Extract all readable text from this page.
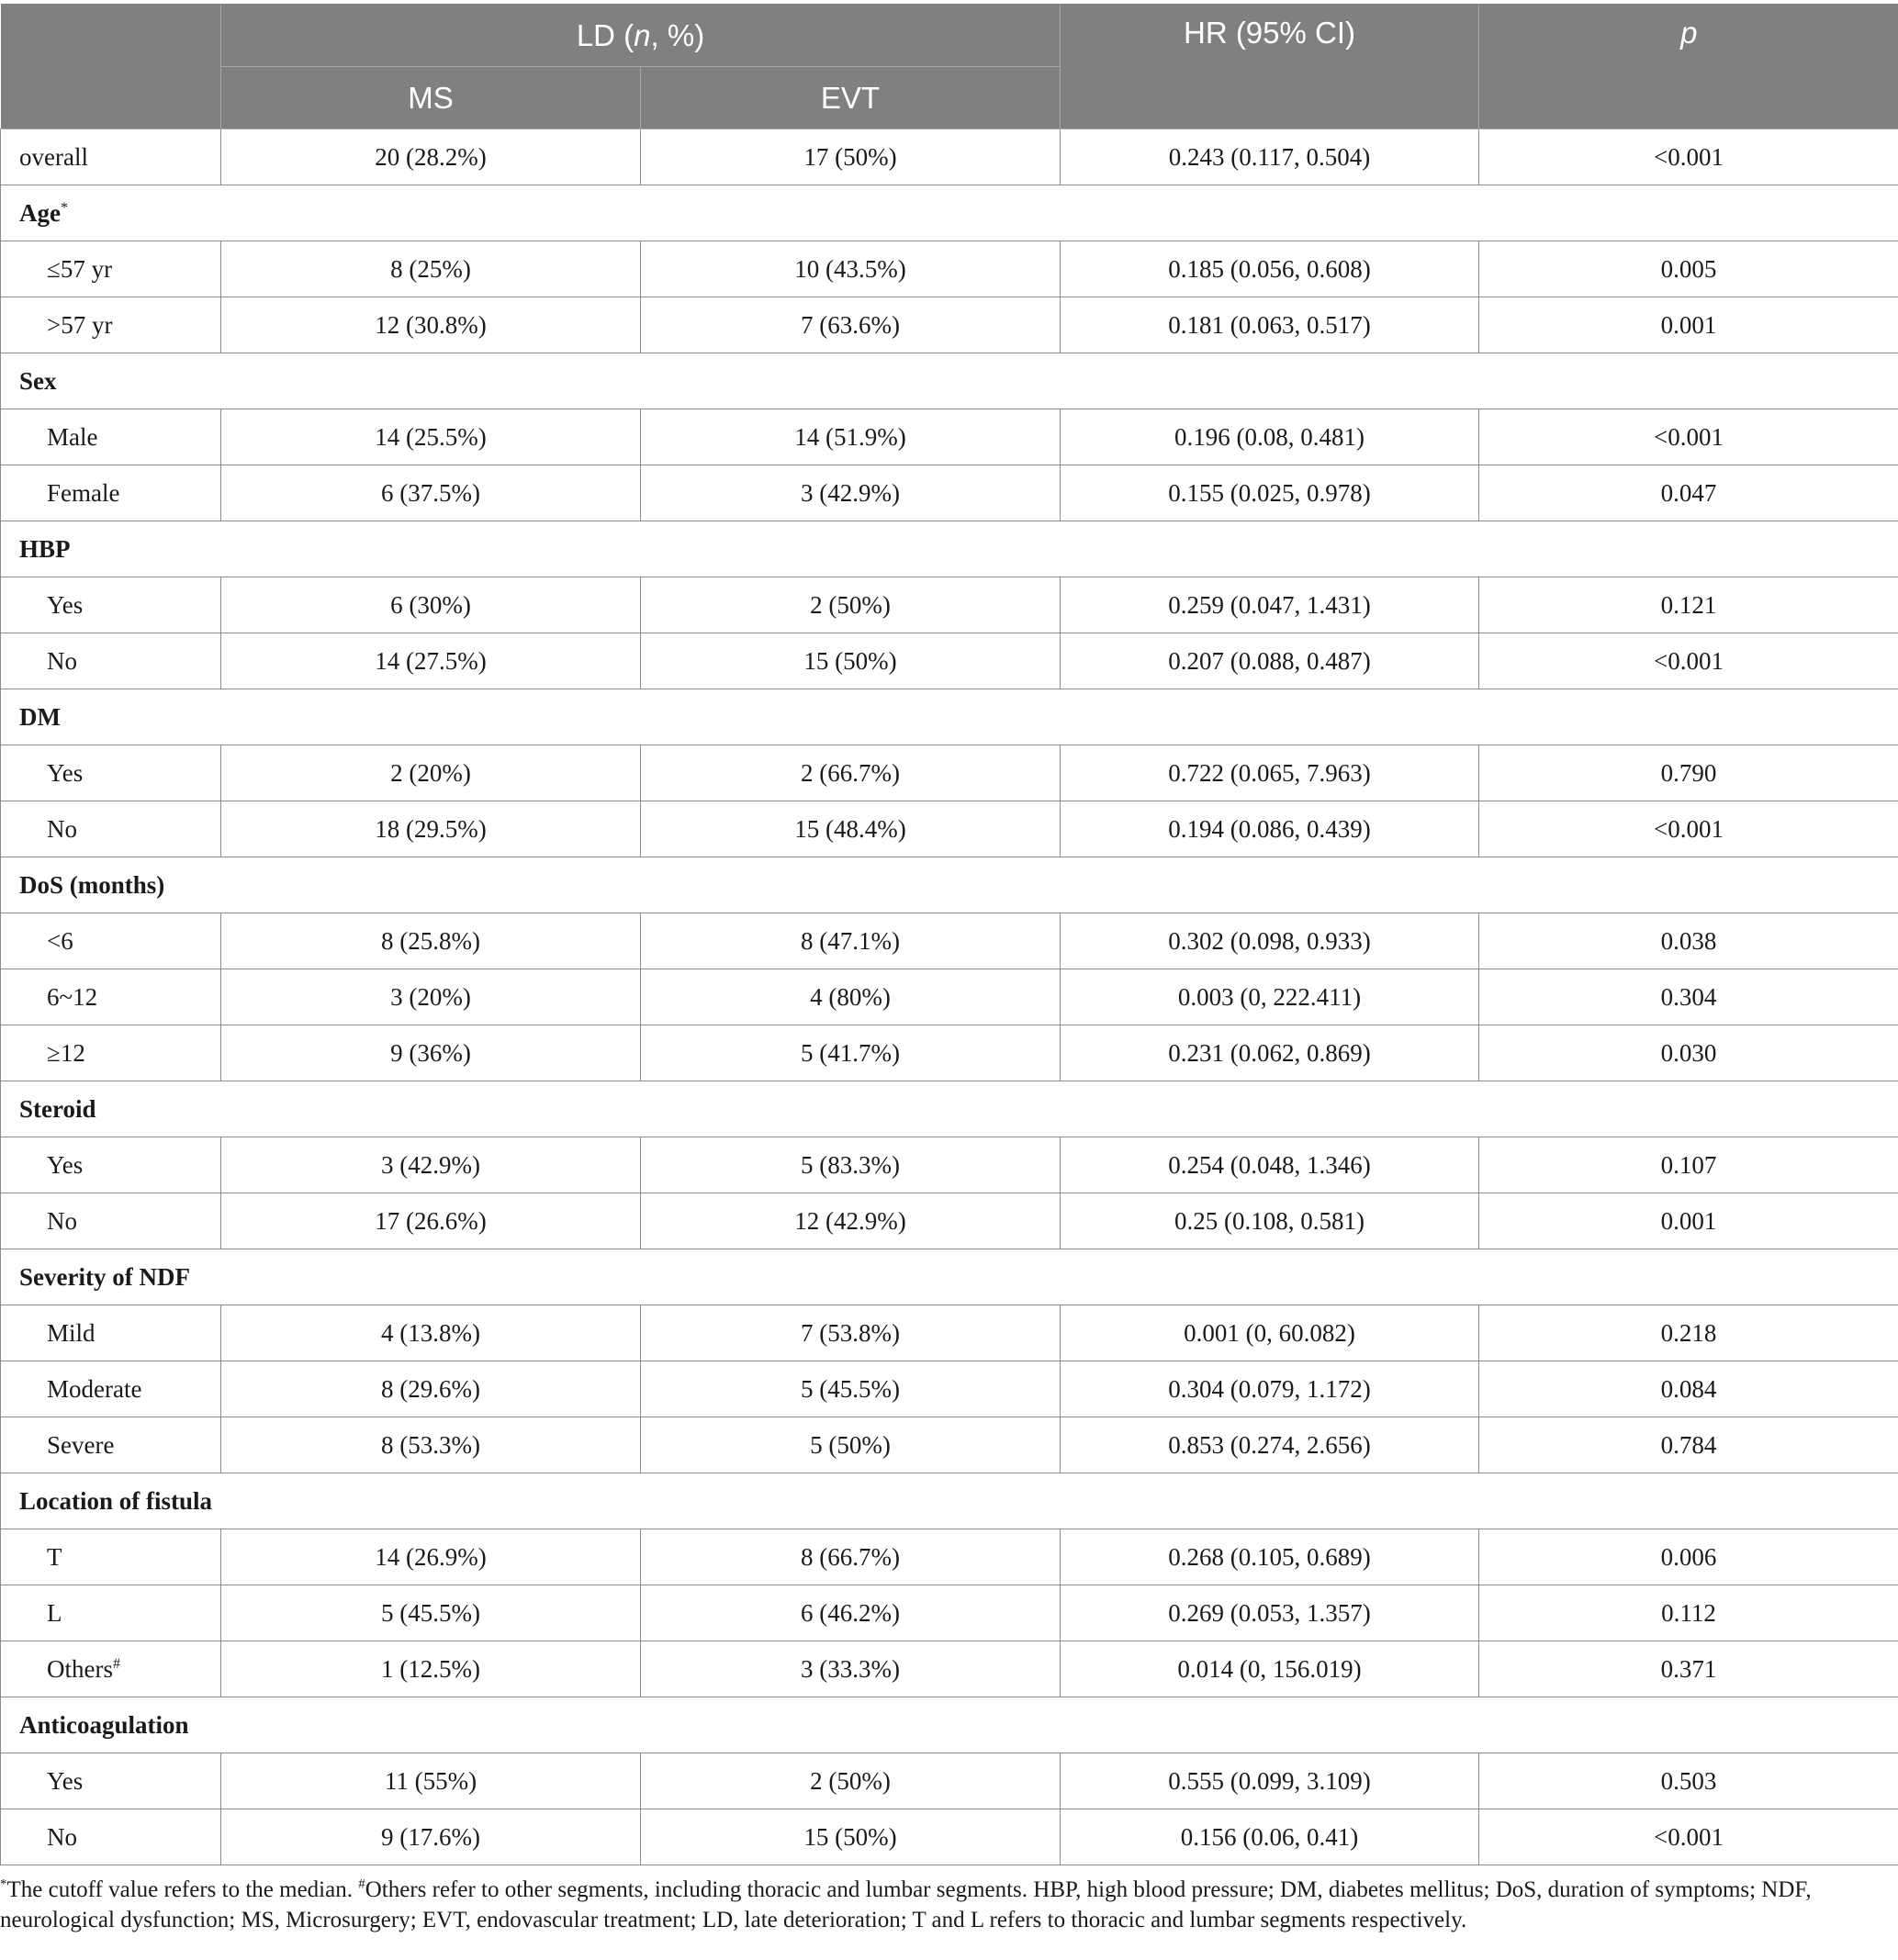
	LD (n, %)		HR (95% CI)	p
	MS	EVT		
overall	20 (28.2%)	17 (50%)	0.243 (0.117, 0.504)	<0.001
Age*
≤57 yr	8 (25%)	10 (43.5%)	0.185 (0.056, 0.608)	0.005
>57 yr	12 (30.8%)	7 (63.6%)	0.181 (0.063, 0.517)	0.001
Sex				
Male	14 (25.5%)	14 (51.9%)	0.196 (0.08, 0.481)	<0.001
Female	6 (37.5%)	3 (42.9%)	0.155 (0.025, 0.978)	0.047
HBP				
Yes	6 (30%)	2 (50%)	0.259 (0.047, 1.431)	0.121
No	14 (27.5%)	15 (50%)	0.207 (0.088, 0.487)	<0.001
DM				
Yes	2 (20%)	2 (66.7%)	0.722 (0.065, 7.963)	0.790
No	18 (29.5%)	15 (48.4%)	0.194 (0.086, 0.439)	<0.001
DoS (months)				
<6	8 (25.8%)	8 (47.1%)	0.302 (0.098, 0.933)	0.038
6~12	3 (20%)	4 (80%)	0.003 (0, 222.411)	0.304
≥12	9 (36%)	5 (41.7%)	0.231 (0.062, 0.869)	0.030
Steroid				
Yes	3 (42.9%)	5 (83.3%)	0.254 (0.048, 1.346)	0.107
No	17 (26.6%)	12 (42.9%)	0.25 (0.108, 0.581)	0.001
Severity of NDF				
Mild	4 (13.8%)	7 (53.8%)	0.001 (0, 60.082)	0.218
Moderate	8 (29.6%)	5 (45.5%)	0.304 (0.079, 1.172)	0.084
Severe	8 (53.3%)	5 (50%)	0.853 (0.274, 2.656)	0.784
Location of fistula				
T	14 (26.9%)	8 (66.7%)	0.268 (0.105, 0.689)	0.006
L	5 (45.5%)	6 (46.2%)	0.269 (0.053, 1.357)	0.112
Others#	1 (12.5%)	3 (33.3%)	0.014 (0, 156.019)	0.371
Anticoagulation				
Yes	11 (55%)	2 (50%)	0.555 (0.099, 3.109)	0.503
No	9 (17.6%)	15 (50%)	0.156 (0.06, 0.41)	<0.001
*The cutoff value refers to the median. #Others refer to other segments, including thoracic and lumbar segments. HBP, high blood pressure; DM, diabetes mellitus; DoS, duration of symptoms; NDF, neurological dysfunction; MS, Microsurgery; EVT, endovascular treatment; LD, late deterioration; T and L refers to thoracic and lumbar segments respectively.
